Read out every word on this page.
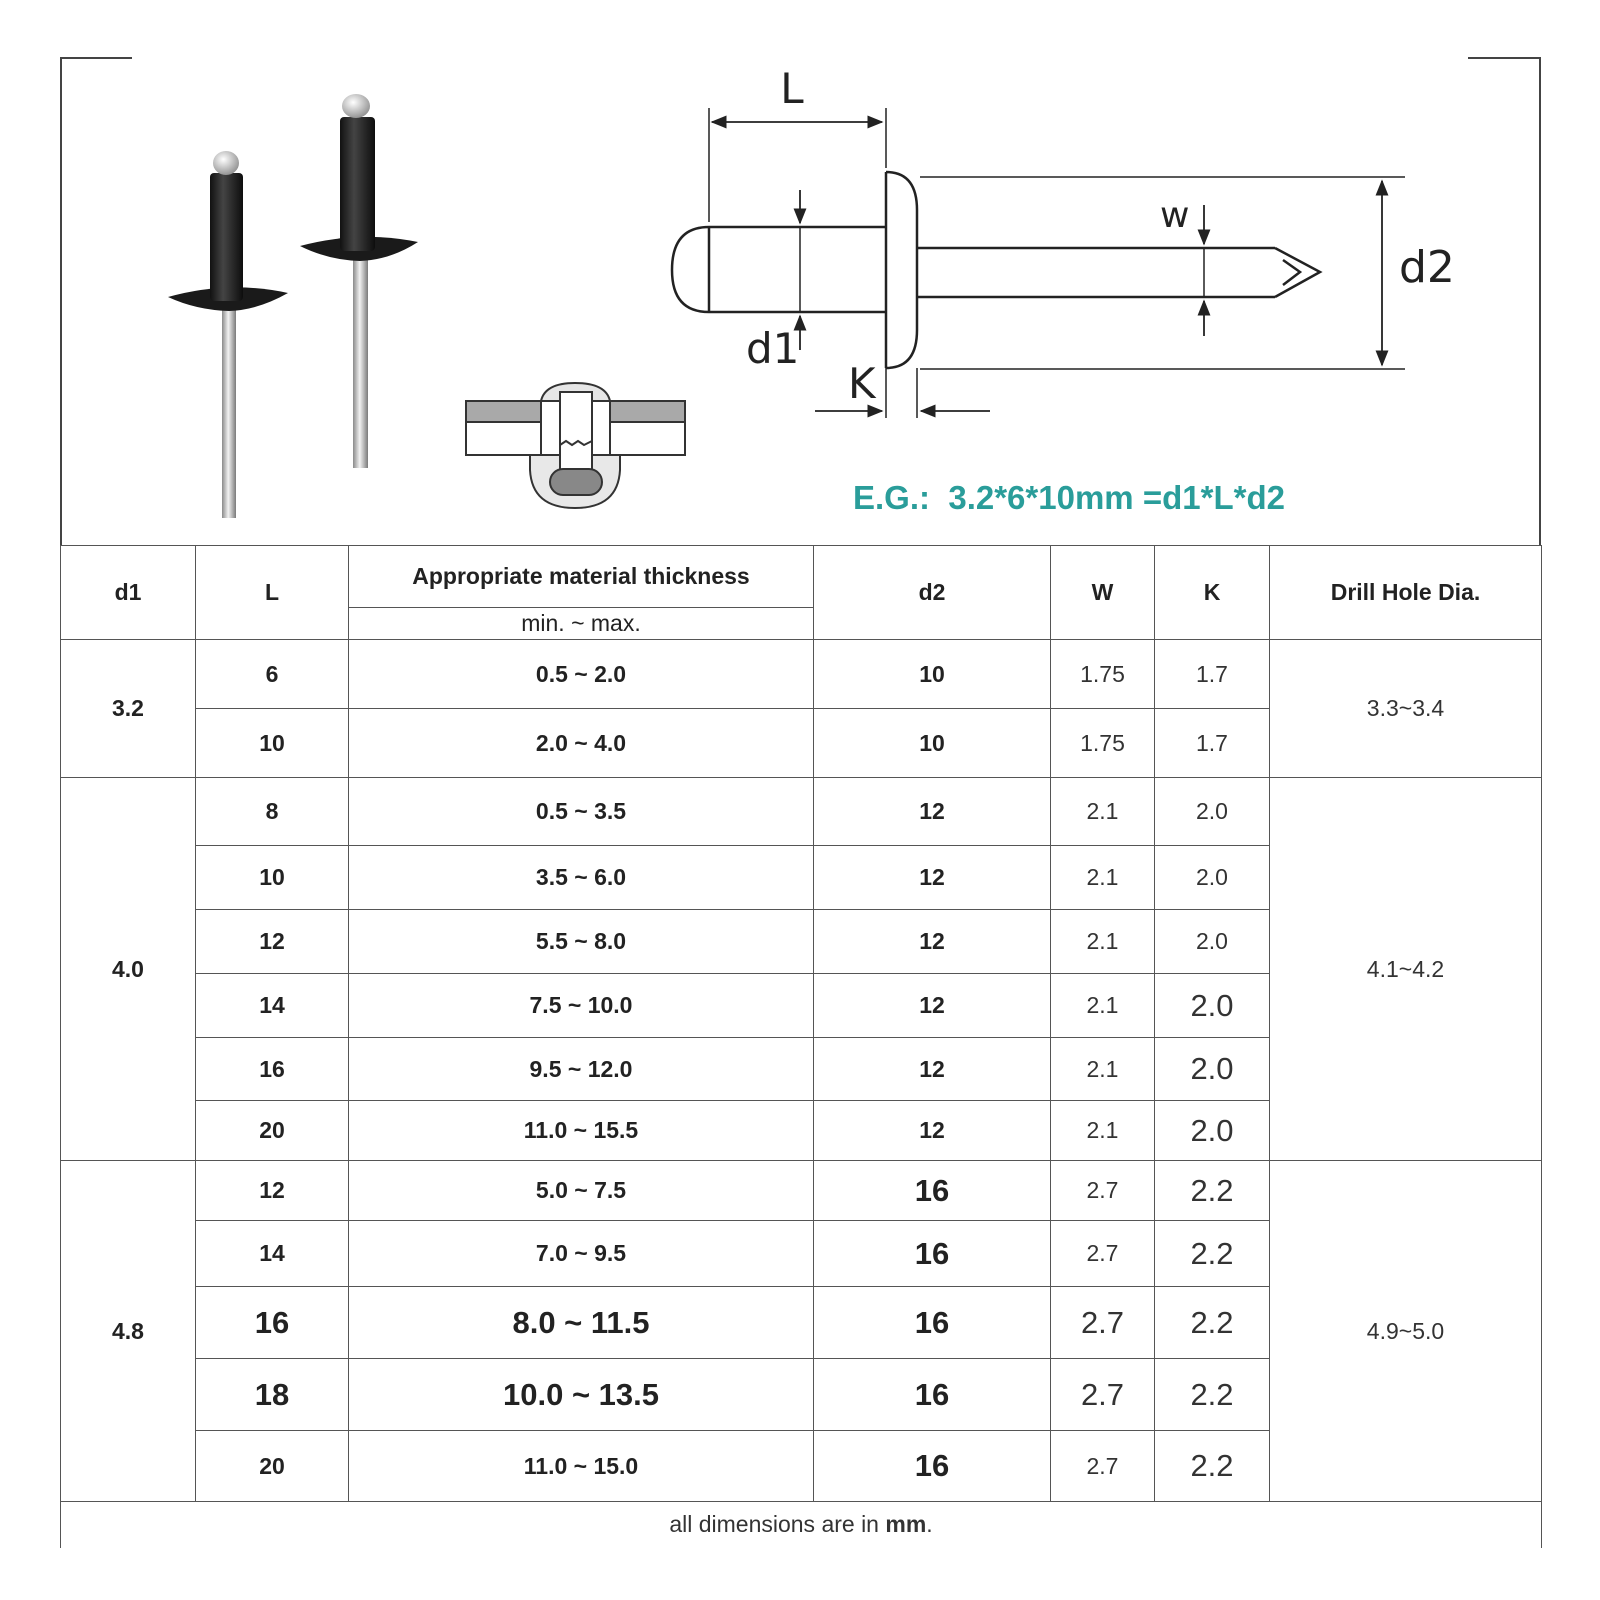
L
d2
w
d1
K
E.G.:  3.2*6*10mm =d1*L*d2
d1	L	Appropriate material thickness	d2	W	K	Drill Hole Dia.
		min. ~ max.				
3.2	6	0.5 ~ 2.0	10	1.75	1.7	3.3~3.4
	10	2.0 ~ 4.0	10	1.75	1.7	
4.0	8	0.5 ~ 3.5	12	2.1	2.0	4.1~4.2
	10	3.5 ~ 6.0	12	2.1	2.0	
	12	5.5 ~ 8.0	12	2.1	2.0	
	14	7.5 ~ 10.0	12	2.1	2.0	
	16	9.5 ~ 12.0	12	2.1	2.0	
	20	11.0 ~ 15.5	12	2.1	2.0	
4.8	12	5.0 ~ 7.5	16	2.7	2.2	4.9~5.0
	14	7.0 ~ 9.5	16	2.7	2.2	
	16	8.0 ~ 11.5	16	2.7	2.2	
	18	10.0 ~ 13.5	16	2.7	2.2	
	20	11.0 ~ 15.0	16	2.7	2.2	
all dimensions are in mm.						
